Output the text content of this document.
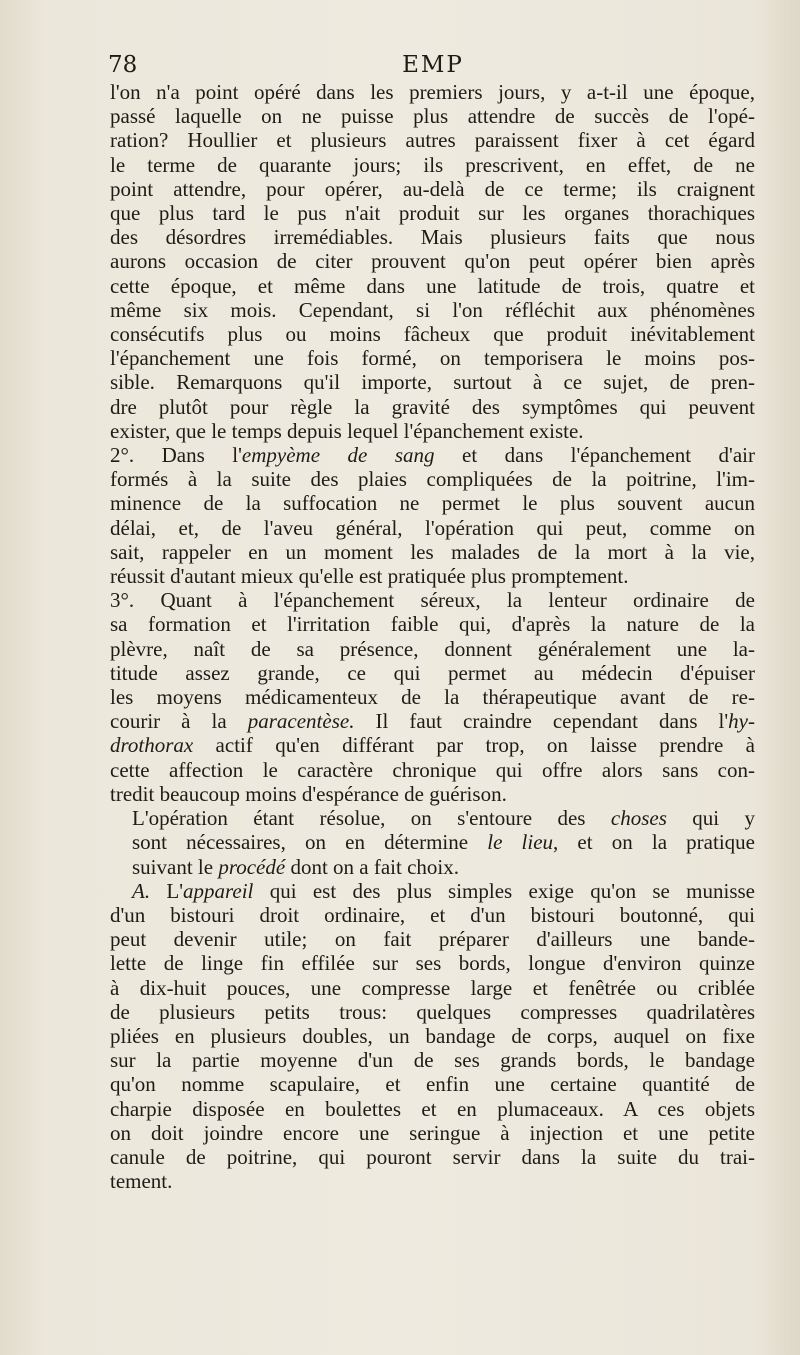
78	EMP

l'on n'a point opéré dans les premiers jours, y a-t-il une époque,

passé laquelle on ne puisse plus attendre de succès de l'opé-

ration? Houllier et plusieurs autres paraissent fixer à cet égard

le terme de quarante jours; ils prescrivent, en effet, de ne

point attendre, pour opérer, au-delà de ce terme; ils craignent

que plus tard le pus n'ait produit sur les organes thorachiques

des désordres irremédiables. Mais plusieurs faits que nous

aurons occasion de citer prouvent qu'on peut opérer bien après

cette époque, et même dans une latitude de trois, quatre et

même six mois. Cependant, si l'on réfléchit aux phénomènes

consécutifs plus ou moins fâcheux que produit inévitablement

l'épanchement une fois formé, on temporisera le moins pos-

sible. Remarquons qu'il importe, surtout à ce sujet, de pren-

dre plutôt pour règle la gravité des symptômes qui peuvent

exister, que le temps depuis lequel l'épanchement existe.

2°. Dans l'empyème de sang et dans l'épanchement d'air

formés à la suite des plaies compliquées de la poitrine, l'im-

minence de la suffocation ne permet le plus souvent aucun

délai, et, de l'aveu général, l'opération qui peut, comme on

sait, rappeler en un moment les malades de la mort à la vie,

réussit d'autant mieux qu'elle est pratiquée plus promptement.

3°. Quant à l'épanchement séreux, la lenteur ordinaire de

sa formation et l'irritation faible qui, d'après la nature de la

plèvre, naît de sa présence, donnent généralement une la-

titude assez grande, ce qui permet au médecin d'épuiser

les moyens médicamenteux de la thérapeutique avant de re-

courir à la paracentèse. Il faut craindre cependant dans l'hy-

drothorax actif qu'en différant par trop, on laisse prendre à

cette affection le caractère chronique qui offre alors sans con-

tredit beaucoup moins d'espérance de guérison.

L'opération étant résolue, on s'entoure des choses qui y

sont nécessaires, on en détermine le lieu, et on la pratique

suivant le procédé dont on a fait choix.

A. L'appareil qui est des plus simples exige qu'on se munisse

d'un bistouri droit ordinaire, et d'un bistouri boutonné, qui

peut devenir utile; on fait préparer d'ailleurs une bande-

lette de linge fin effilée sur ses bords, longue d'environ quinze

à dix-huit pouces, une compresse large et fenêtrée ou criblée

de plusieurs petits trous: quelques compresses quadrilatères

pliées en plusieurs doubles, un bandage de corps, auquel on fixe

sur la partie moyenne d'un de ses grands bords, le bandage

qu'on nomme scapulaire, et enfin une certaine quantité de

charpie disposée en boulettes et en plumaceaux. A ces objets

on doit joindre encore une seringue à injection et une petite

canule de poitrine, qui pouront servir dans la suite du trai-

tement.
